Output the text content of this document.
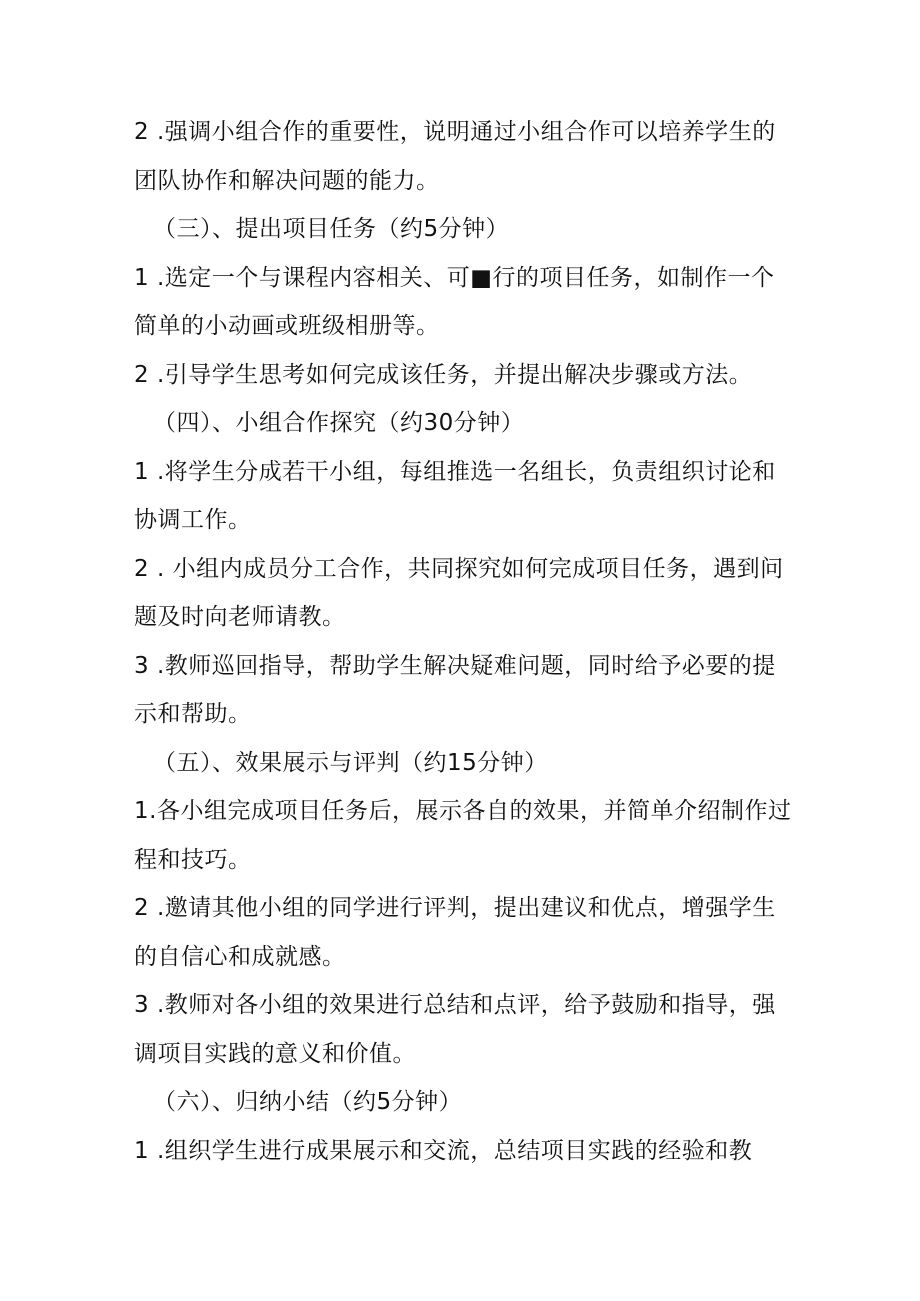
2 .强调小组合作的重要性，说明通过小组合作可以培养学生的
团队协作和解决问题的能力。
（三）、提出项目任务（约5分钟）
1 .选定一个与课程内容相关、可■行的项目任务，如制作一个
简单的小动画或班级相册等。
2 .引导学生思考如何完成该任务，并提出解决步骤或方法。
（四）、小组合作探究（约30分钟）
1 .将学生分成若干小组，每组推选一名组长，负责组织讨论和
协调工作。
2 . 小组内成员分工合作，共同探究如何完成项目任务，遇到问
题及时向老师请教。
3 .教师巡回指导，帮助学生解决疑难问题，同时给予必要的提
示和帮助。
（五）、效果展示与评判（约15分钟）
1.各小组完成项目任务后，展示各自的效果，并简单介绍制作过
程和技巧。
2 .邀请其他小组的同学进行评判，提出建议和优点，增强学生
的自信心和成就感。
3 .教师对各小组的效果进行总结和点评，给予鼓励和指导，强
调项目实践的意义和价值。
（六）、归纳小结（约5分钟）
1 .组织学生进行成果展示和交流，总结项目实践的经验和教
